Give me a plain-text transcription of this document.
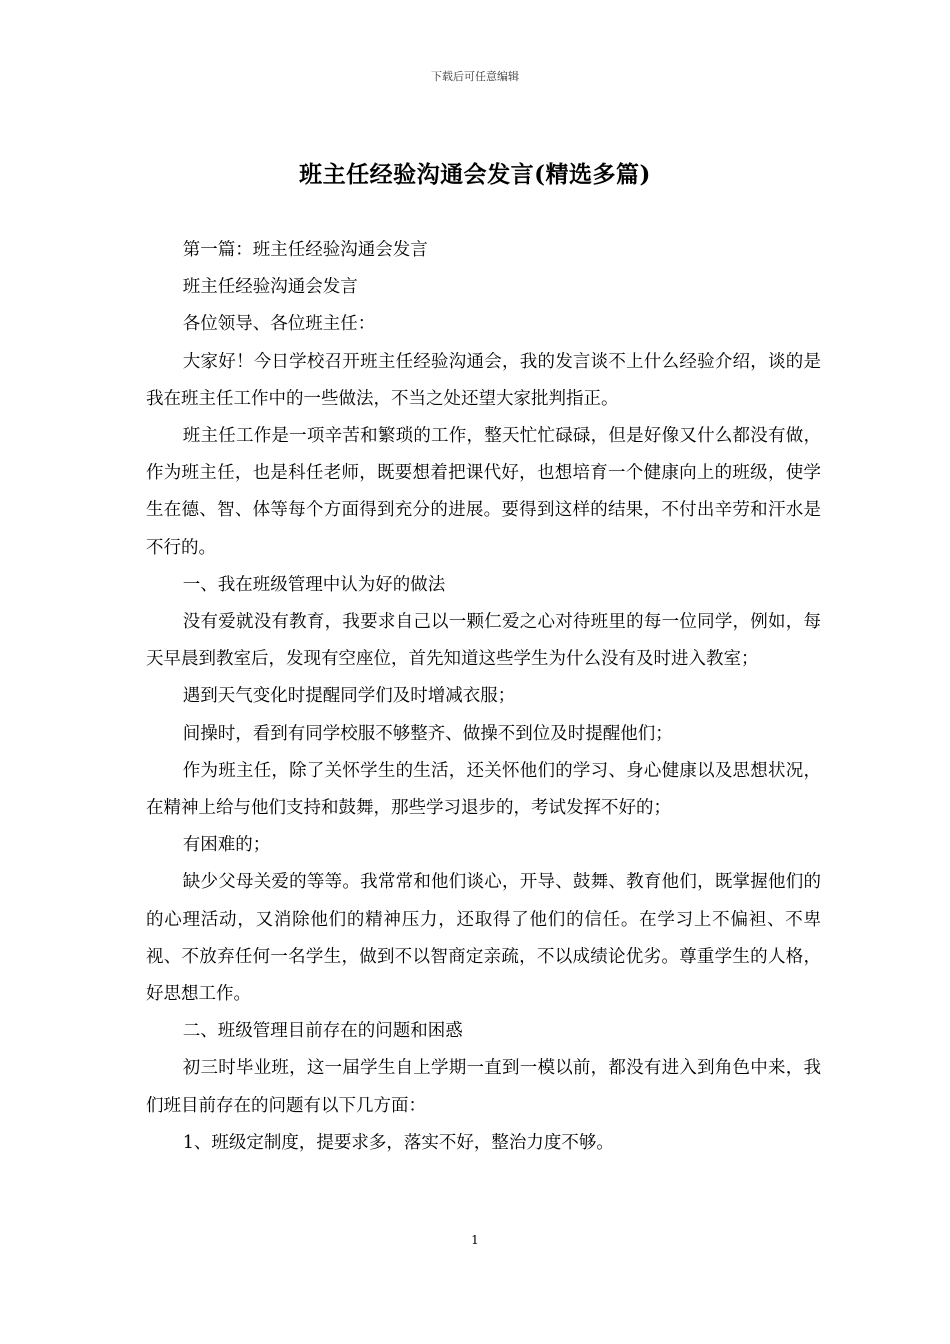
下载后可任意编辑
班主任经验沟通会发言(精选多篇)

第一篇：班主任经验沟通会发言

班主任经验沟通会发言

各位领导、各位班主任：

大家好！今日学校召开班主任经验沟通会，我的发言谈不上什么经验介绍，谈的是我在班主任工作中的一些做法，不当之处还望大家批判指正。

班主任工作是一项辛苦和繁琐的工作，整天忙忙碌碌，但是好像又什么都没有做，作为班主任，也是科任老师，既要想着把课代好，也想培育一个健康向上的班级，使学生在德、智、体等每个方面得到充分的进展。要得到这样的结果，不付出辛劳和汗水是不行的。

一、我在班级管理中认为好的做法

没有爱就没有教育，我要求自己以一颗仁爱之心对待班里的每一位同学，例如，每天早晨到教室后，发现有空座位，首先知道这些学生为什么没有及时进入教室；

遇到天气变化时提醒同学们及时增减衣服；

间操时，看到有同学校服不够整齐、做操不到位及时提醒他们；

作为班主任，除了关怀学生的生活，还关怀他们的学习、身心健康以及思想状况，在精神上给与他们支持和鼓舞，那些学习退步的，考试发挥不好的；

有困难的；

缺少父母关爱的等等。我常常和他们谈心，开导、鼓舞、教育他们，既掌握他们的的心理活动，又消除他们的精神压力，还取得了他们的信任。在学习上不偏袒、不卑视、不放弃任何一名学生，做到不以智商定亲疏，不以成绩论优劣。尊重学生的人格，好思想工作。

二、班级管理目前存在的问题和困惑

初三时毕业班，这一届学生自上学期一直到一模以前，都没有进入到角色中来，我们班目前存在的问题有以下几方面：

1、班级定制度，提要求多，落实不好，整治力度不够。

1
